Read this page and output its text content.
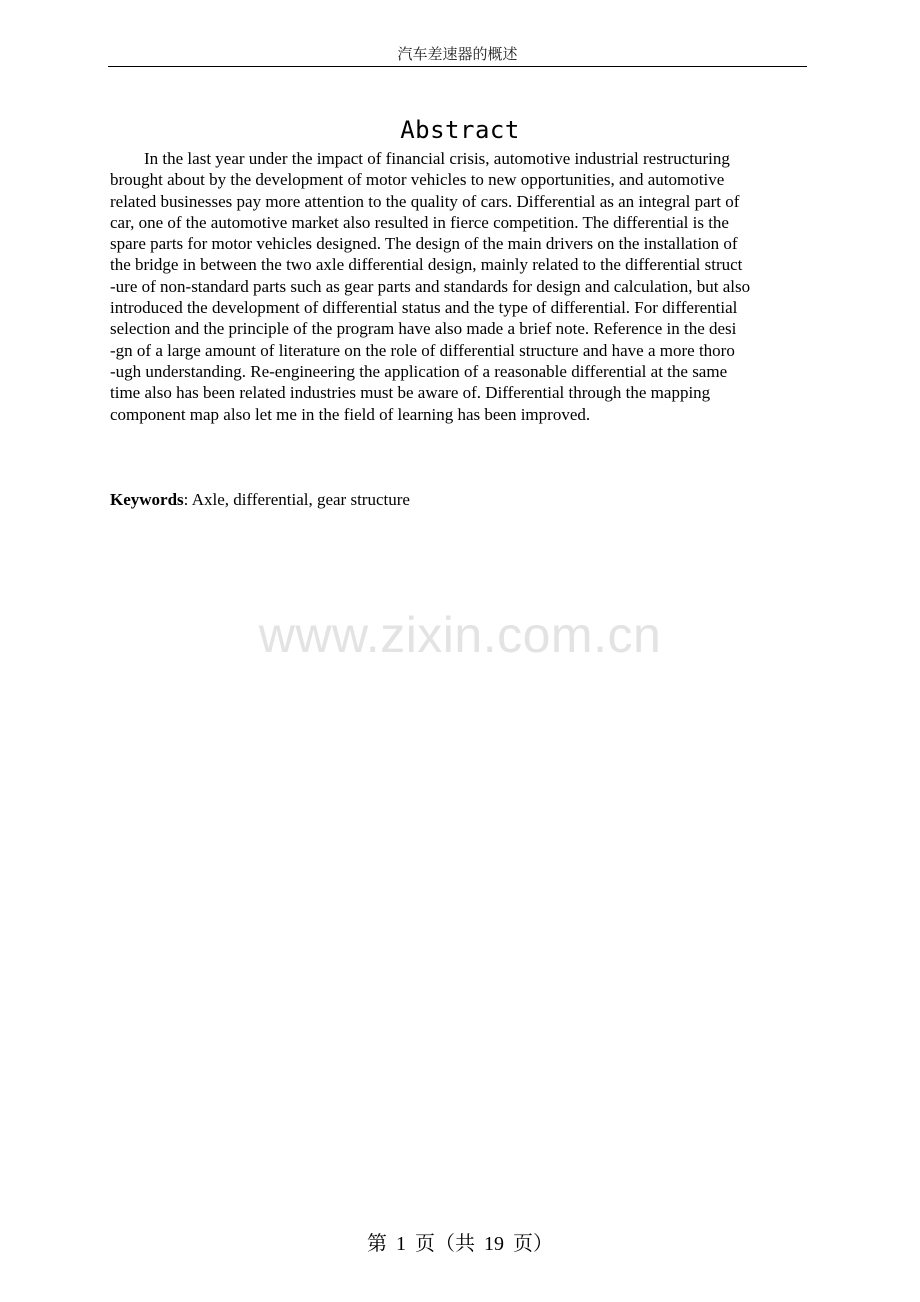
汽车差速器的概述
Abstract
In the last year under the impact of financial crisis, automotive industrial restructuring
brought about by the development of motor vehicles to new opportunities, and automotive
related businesses pay more attention to the quality of cars. Differential as an integral part of
car, one of the automotive market also resulted in fierce competition. The differential is the
spare parts for motor vehicles designed. The design of the main drivers on the installation of
the bridge in between the two axle differential design, mainly related to the differential struct
-ure of non-standard parts such as gear parts and standards for design and calculation, but also
introduced the development of differential status and the type of differential. For differential
selection and the principle of the program have also made a brief note. Reference in the desi
-gn of a large amount of literature on the role of differential structure and have a more thoro
-ugh understanding. Re-engineering the application of a reasonable differential at the same
time also has been related industries must be aware of. Differential through the mapping
component map also let me in the field of learning has been improved.
Keywords: Axle, differential, gear structure
www.zixin.com.cn
第 1 页（共 19 页）
